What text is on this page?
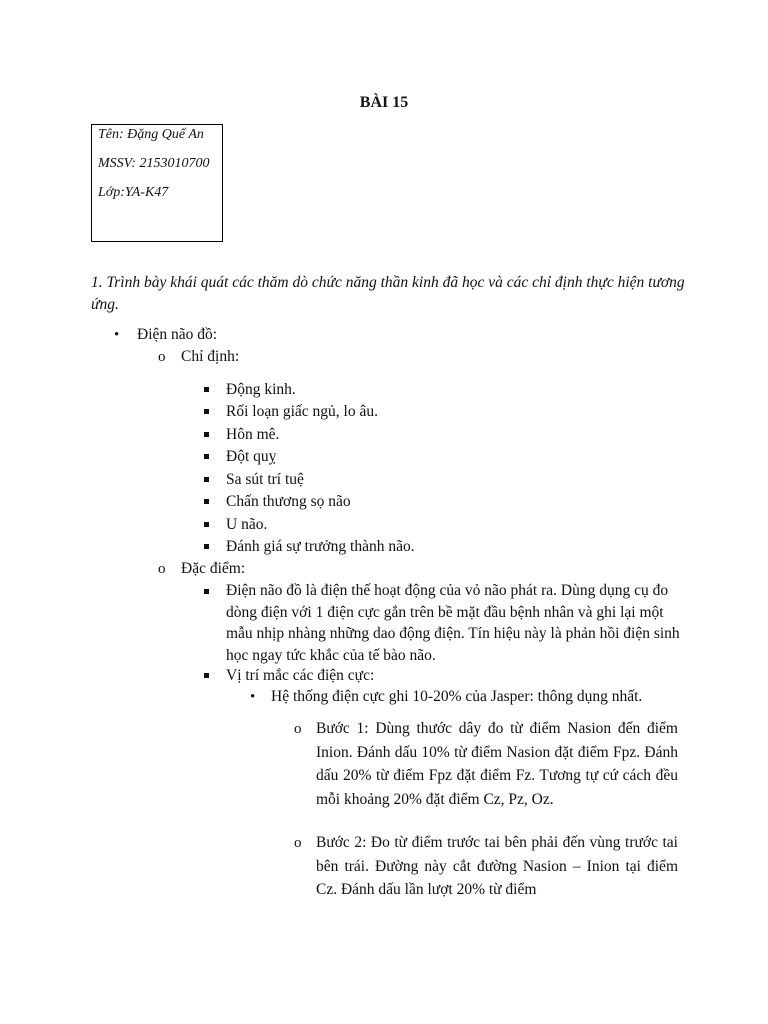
BÀI 15
Tên: Đặng Quế An
MSSV: 2153010700
Lớp:YA-K47
1. Trình bày khái quát các thăm dò chức năng thần kinh đã học và các chỉ định thực hiện tương ứng.
• Điện não đồ:
o Chỉ định:
Động kinh.
Rối loạn giấc ngủ, lo âu.
Hôn mê.
Đột quỵ
Sa sút trí tuệ
Chấn thương sọ não
U não.
Đánh giá sự trưởng thành não.
o Đặc điểm:
Điện não đồ là điện thế hoạt động của vỏ não phát ra. Dùng dụng cụ đo dòng điện với 1 điện cực gắn trên bề mặt đầu bệnh nhân và ghi lại một mẫu nhịp nhàng những dao động điện. Tín hiệu này là phản hồi điện sinh học ngay tức khắc của tế bào não.
Vị trí mắc các điện cực:
• Hệ thống điện cực ghi 10-20% của Jasper: thông dụng nhất.
o Bước 1: Dùng thước dây đo từ điểm Nasion đến điểm Inion. Đánh dấu 10% từ điểm Nasion đặt điểm Fpz. Đánh dấu 20% từ điểm Fpz đặt điểm Fz. Tương tự cứ cách đều mỗi khoảng 20% đặt điểm Cz, Pz, Oz.
o Bước 2: Đo từ điểm trước tai bên phải đến vùng trước tai bên trái. Đường này cắt đường Nasion – Inion tại điểm Cz. Đánh dấu lần lượt 20% từ điểm
